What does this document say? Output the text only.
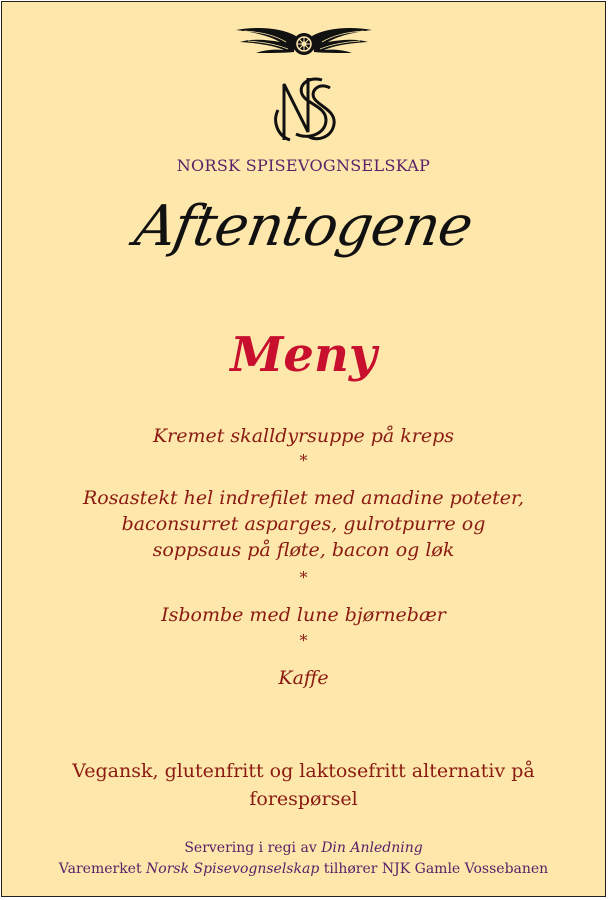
NORSK SPISEVOGNSELSKAP
Aftentogene
Meny
Kremet skalldyrsuppe på kreps
*
Rosastekt hel indrefilet med amadine poteter,
baconsurret asparges, gulrotpurre og
soppsaus på fløte, bacon og løk
*
Isbombe med lune bjørnebær
*
Kaffe
Vegansk, glutenfritt og laktosefritt alternativ på forespørsel
Servering i regi av Din Anledning
Varemerket Norsk Spisevognselskap tilhører NJK Gamle Vossebanen
